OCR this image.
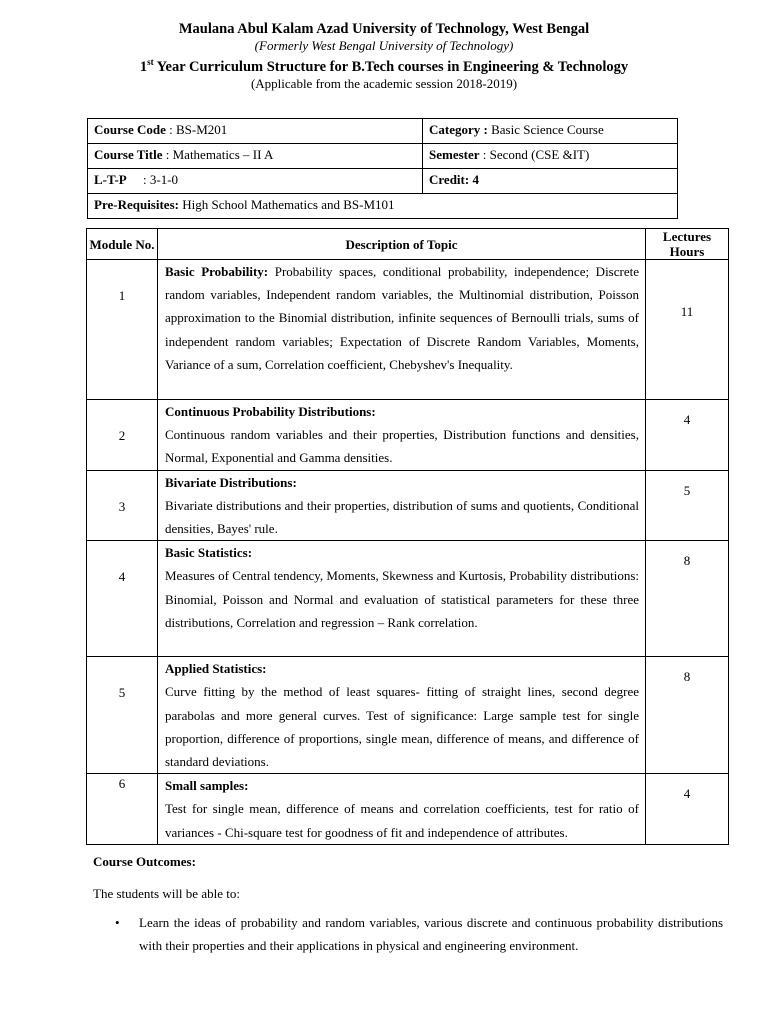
Maulana Abul Kalam Azad University of Technology, West Bengal
(Formerly West Bengal University of Technology)
1st Year Curriculum Structure for B.Tech courses in Engineering & Technology
(Applicable from the academic session 2018-2019)
Course Code : BS-M201	Category : Basic Science Course
Course Title : Mathematics – II A	Semester : Second (CSE &IT)
L-T-P     : 3-1-0	Credit: 4
Pre-Requisites: High School Mathematics and BS-M101	
Module No.	Description of Topic	Lectures Hours

1	Basic Probability: Probability spaces, conditional probability, independence; Discrete random variables, Independent random variables, the Multinomial distribution, Poisson approximation to the Binomial distribution, infinite sequences of Bernoulli trials, sums of independent random variables; Expectation of Discrete Random Variables, Moments, Variance of a sum, Correlation coefficient, Chebyshev's Inequality.	11

2	Continuous Probability Distributions:
Continuous random variables and their properties, Distribution functions and densities, Normal, Exponential and Gamma densities.	4

3	Bivariate Distributions:
Bivariate distributions and their properties, distribution of sums and quotients, Conditional densities, Bayes' rule.	5

4	Basic Statistics:
Measures of Central tendency, Moments, Skewness and Kurtosis, Probability distributions: Binomial, Poisson and Normal and evaluation of statistical parameters for these three distributions, Correlation and regression – Rank correlation.	8

5	Applied Statistics:
Curve fitting by the method of least squares- fitting of straight lines, second degree parabolas and more general curves. Test of significance: Large sample test for single proportion, difference of proportions, single mean, difference of means, and difference of standard deviations.	8

6	Small samples:
Test for single mean, difference of means and correlation coefficients, test for ratio of variances - Chi-square test for goodness of fit and independence of attributes.	4
Course Outcomes:
The students will be able to:
• Learn the ideas of probability and random variables, various discrete and continuous probability distributions with their properties and their applications in physical and engineering environment.
